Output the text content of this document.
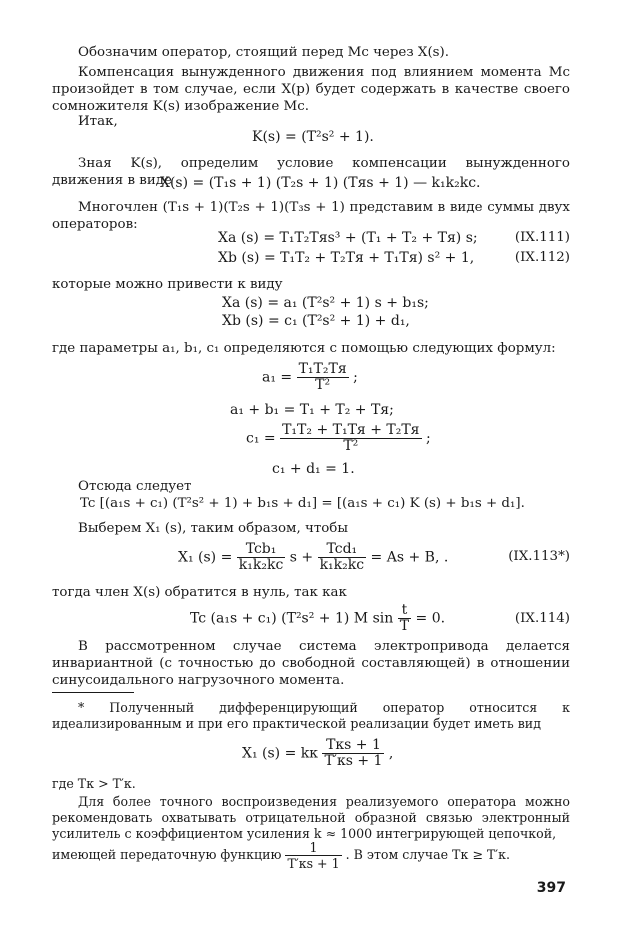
Обозначим оператор, стоящий перед Mc через X(s).
Компенсация вынужденного движения под влиянием момента Mc произойдет в том случае, если X(p) будет содержать в качестве своего сомножителя K(s) изображение Mc.
Итак,
K(s) = (T²s² + 1).
Зная K(s), определим условие компенсации вынужденного движения в виде
X(s) = (T₁s + 1) (T₂s + 1) (Tяs + 1) — k₁k₂kc.
Многочлен (T₁s + 1)(T₂s + 1)(T₃s + 1) представим в виде суммы двух операторов:
Xa (s) = T₁T₂Tяs³ + (T₁ + T₂ + Tя) s;	(IX.111)
Xb (s) = T₁T₂ + T₂Tя + T₁Tя) s² + 1,	(IX.112)
которые можно привести к виду
Xa (s) = a₁ (T²s² + 1) s + b₁s;
Xb (s) = c₁ (T²s² + 1) + d₁,
где параметры a₁, b₁, c₁ определяются с помощью следующих формул:
$a_1 = \frac{\text{T₁T₂Tя}}{\text{T²}}$ ;
a₁ + b₁ = T₁ + T₂ + Tя;
$c_1 = \frac{\text{T₁T₂ + T₁Tя + T₂Tя}}{\text{T²}}$ ;
c₁ + d₁ = 1.
Отсюда следует
Tc [(a₁s + c₁) (T²s² + 1) + b₁s + d₁] = [(a₁s + c₁) K (s) + b₁s + d₁].
Выберем X₁ (s), таким образом, чтобы
X₁ $(s) = \frac{\text{Tcb₁}}{\text{k₁k₂kc}}$ $s + \frac{\text{Tcd₁}}{\text{k₁k₂kc}} = As + B$, .	(IX.113*)
тогда член X(s) обратится в нуль, так как
Tc (a₁s + c₁) (T²s² + 1) M $\sin \frac{t}{T} = 0$.	(IX.114)
В рассмотренном случае система электропривода делается инвариантной (с точностью до свободной составляющей) в отношении синусоидального нагрузочного момента.
* Полученный дифференцирующий оператор относится к идеализированным и при его практической реализации будет иметь вид
X₁ (s) = kк $\frac{\text{Tкs + 1}}{T'кs + 1}$ ,
где Tк > T′к.
Для более точного воспроизведения реализуемого оператора можно рекомендовать охватывать отрицательной образной связью электронный усилитель с коэффициентом усиления k ≈ 1000 интегрирующей цепочкой,
имеющей передаточную функцию $\frac{1}{T'кs + 1}$ . В этом случае Tк ≥ T′к.
397
